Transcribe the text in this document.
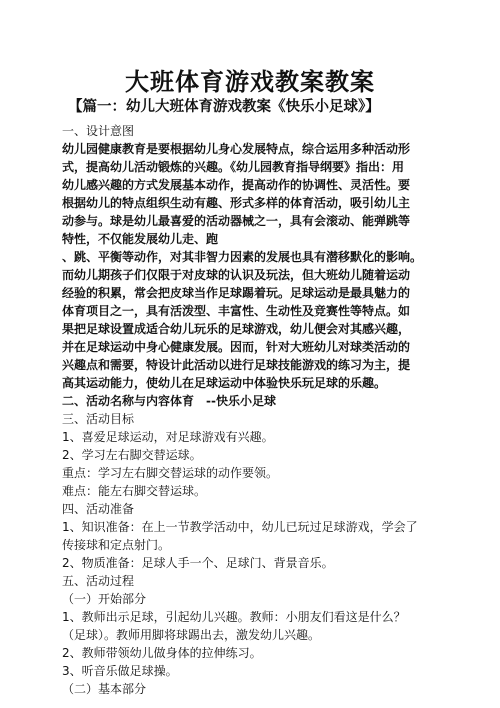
大班体育游戏教案教案
【篇一：幼儿大班体育游戏教案《快乐小足球》】
一、设计意图
幼儿园健康教育是要根据幼儿身心发展特点，综合运用多种活动形
式，提高幼儿活动锻炼的兴趣。《幼儿园教育指导纲要》指出：用
幼儿感兴趣的方式发展基本动作，提高动作的协调性、灵活性。要
根据幼儿的特点组织生动有趣、形式多样的体育活动，吸引幼儿主
动参与。球是幼儿最喜爱的活动器械之一，具有会滚动、能弹跳等
特性，不仅能发展幼儿走、跑
、跳、平衡等动作，对其非智力因素的发展也具有潜移默化的影响。
而幼儿期孩子们仅限于对皮球的认识及玩法，但大班幼儿随着运动
经验的积累，常会把皮球当作足球踢着玩。足球运动是最具魅力的
体育项目之一，具有活泼型、丰富性、生动性及竞赛性等特点。如
果把足球设置成适合幼儿玩乐的足球游戏，幼儿便会对其感兴趣，
并在足球运动中身心健康发展。因而，针对大班幼儿对球类活动的
兴趣点和需要，特设计此活动以进行足球技能游戏的练习为主，提
高其运动能力，使幼儿在足球运动中体验快乐玩足球的乐趣。
二、活动名称与内容体育　--快乐小足球
三、活动目标
1、喜爱足球运动，对足球游戏有兴趣。
2、学习左右脚交替运球。
重点：学习左右脚交替运球的动作要领。
难点：能左右脚交替运球。
四、活动准备
1、知识准备：在上一节教学活动中，幼儿已玩过足球游戏，学会了
传接球和定点射门。
2、物质准备：足球人手一个、足球门、背景音乐。
五、活动过程
（一）开始部分
1、教师出示足球，引起幼儿兴趣。教师：小朋友们看这是什么？
（足球）。教师用脚将球踢出去，激发幼儿兴趣。
2、教师带领幼儿做身体的拉伸练习。
3、听音乐做足球操。
（二）基本部分
